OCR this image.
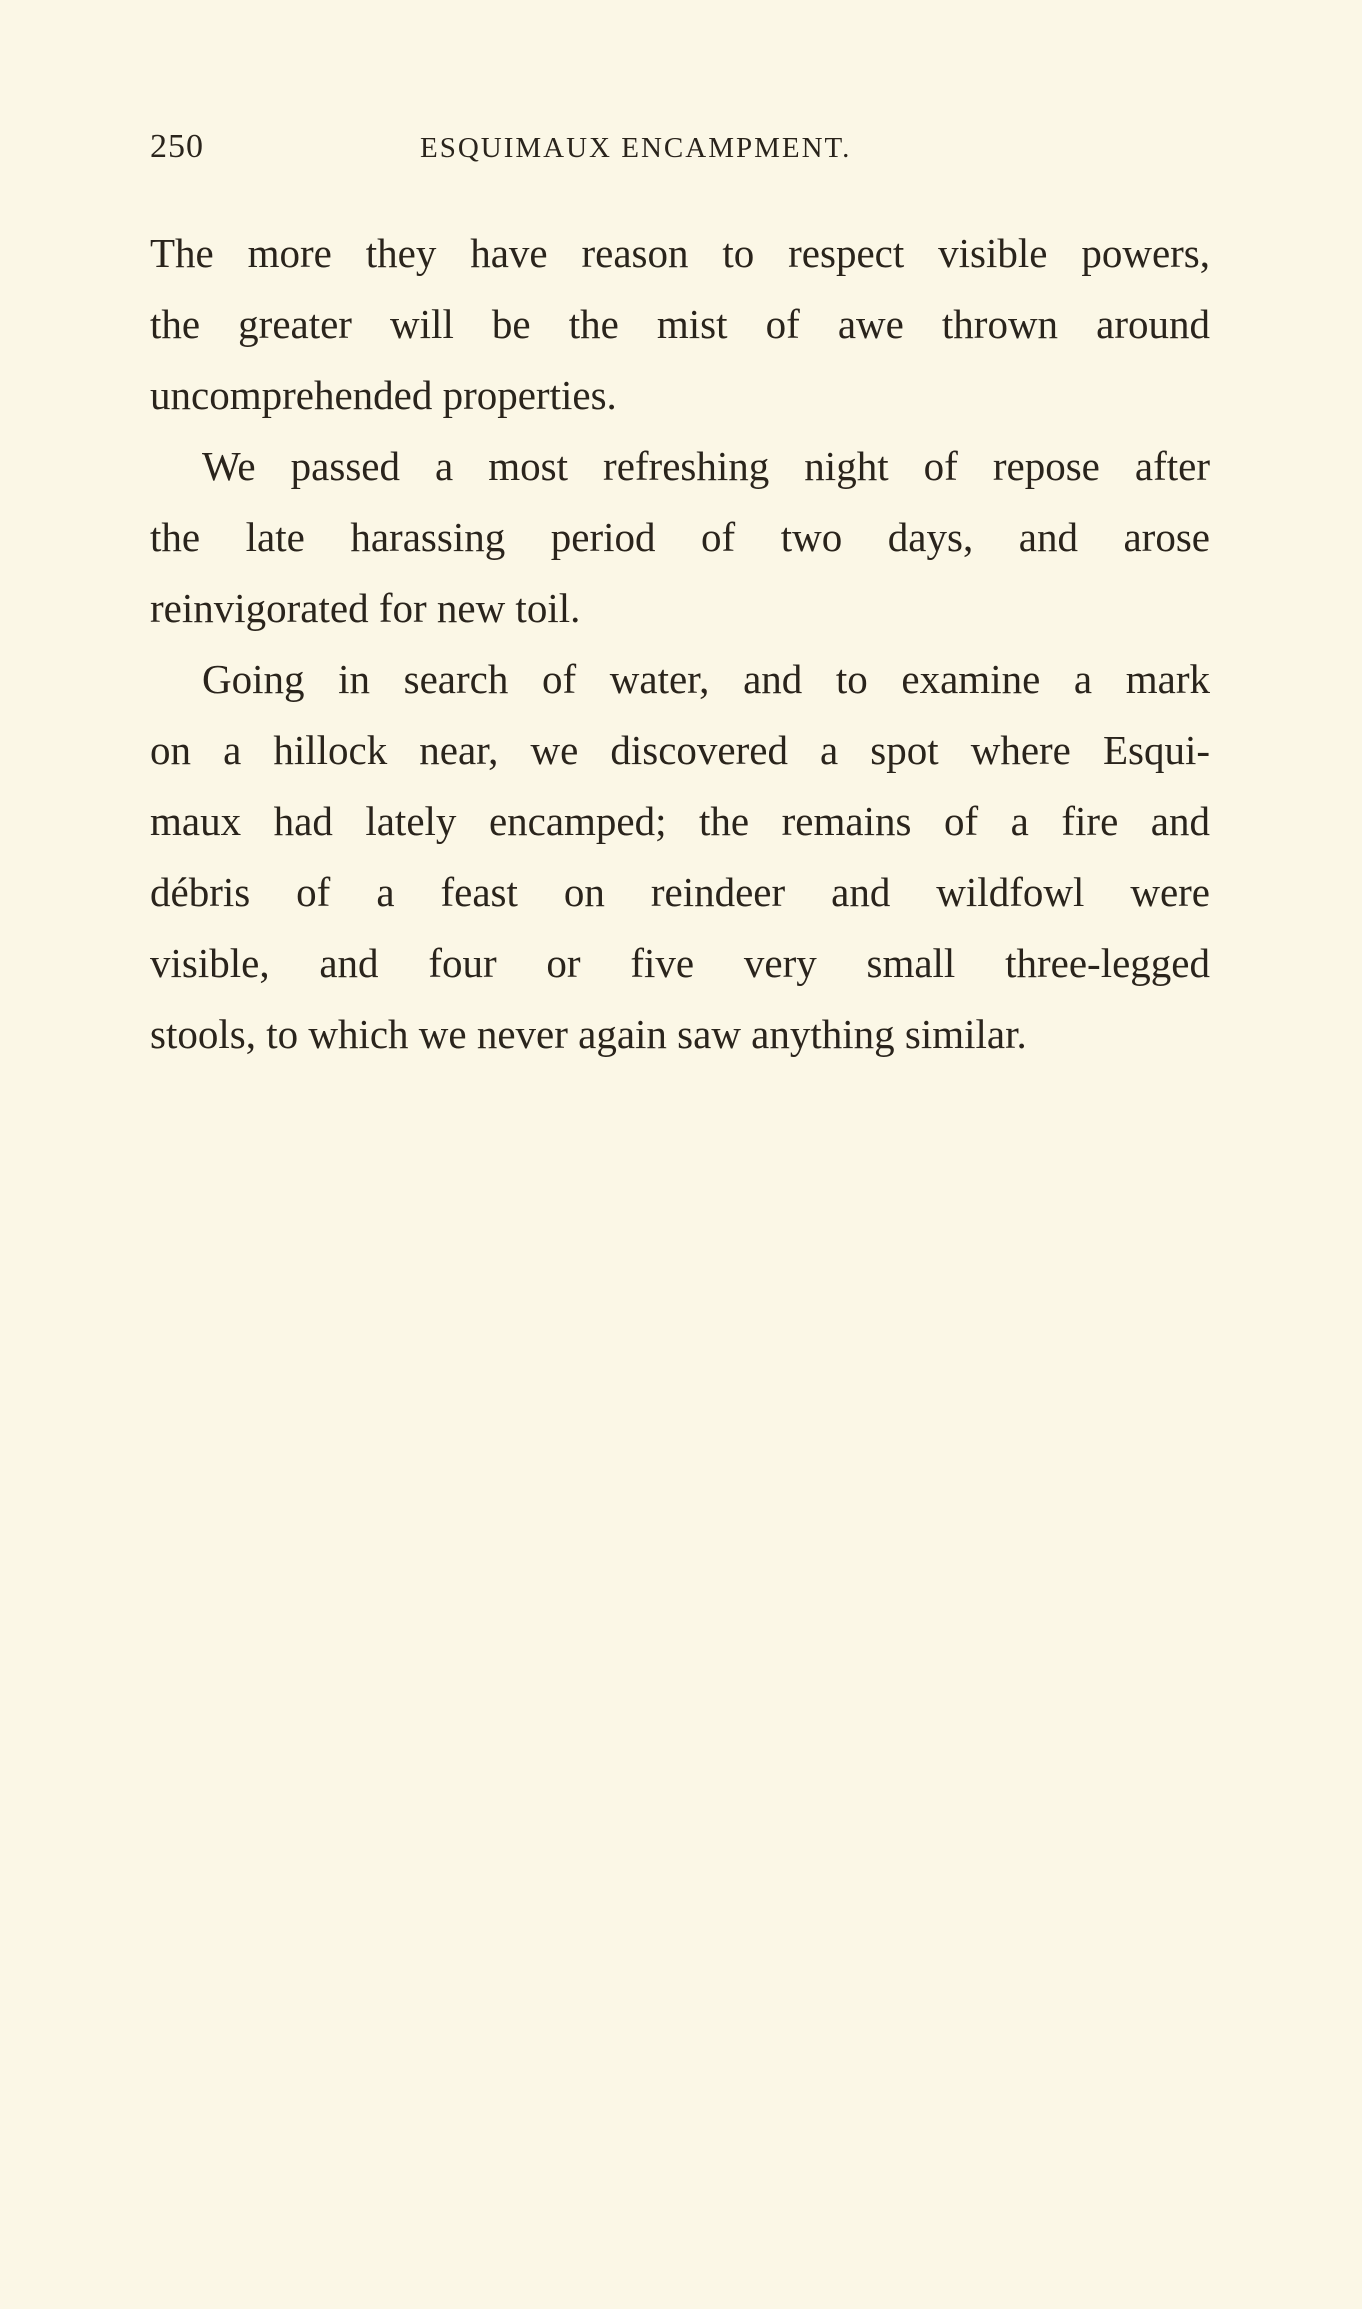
250	ESQUIMAUX ENCAMPMENT.

The more they have reason to respect visible powers,
the greater will be the mist of awe thrown around
uncomprehended properties.

We passed a most refreshing night of repose after
the late harassing period of two days, and arose
reinvigorated for new toil.

Going in search of water, and to examine a mark
on a hillock near, we discovered a spot where Esqui-
maux had lately encamped; the remains of a fire and
débris of a feast on reindeer and wildfowl were
visible, and four or five very small three-legged
stools, to which we never again saw anything similar.
